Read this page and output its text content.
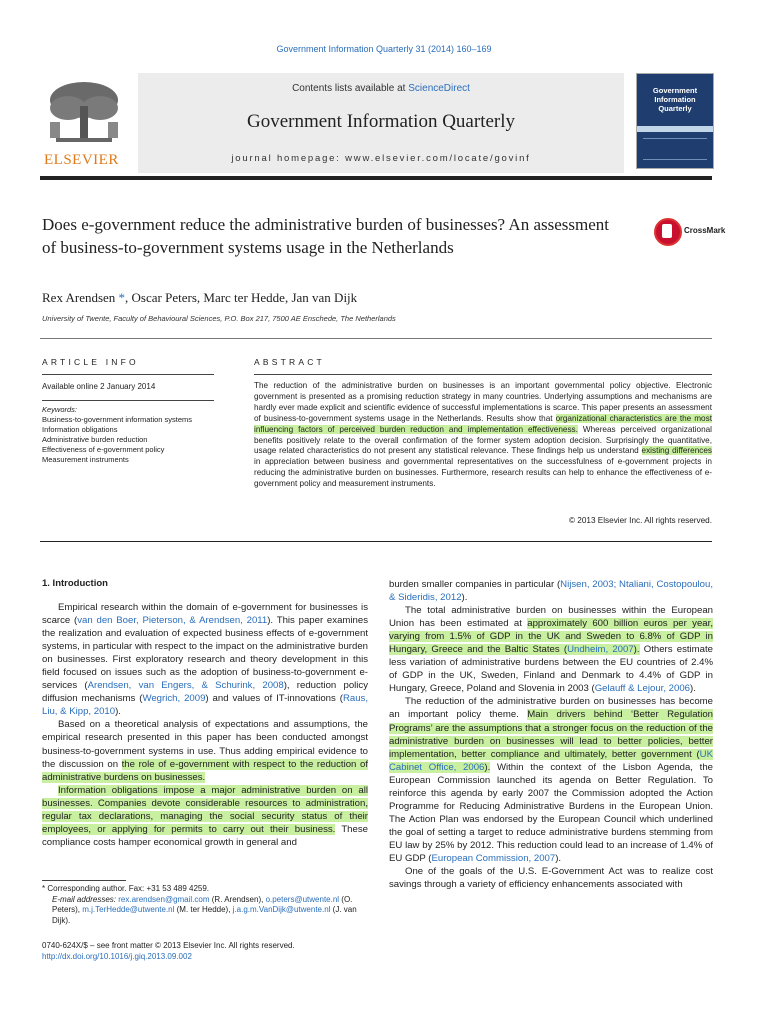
Government Information Quarterly 31 (2014) 160–169
ELSEVIER
Contents lists available at ScienceDirect
Government Information Quarterly
journal homepage: www.elsevier.com/locate/govinf
Government Information Quarterly
Does e-government reduce the administrative burden of businesses? An assessment of business-to-government systems usage in the Netherlands
CrossMark
Rex Arendsen *, Oscar Peters, Marc ter Hedde, Jan van Dijk
University of Twente, Faculty of Behavioural Sciences, P.O. Box 217, 7500 AE Enschede, The Netherlands
ARTICLE INFO	ABSTRACT
Available online 2 January 2014
Keywords:
Business-to-government information systems
Information obligations
Administrative burden reduction
Effectiveness of e-government policy
Measurement instruments
The reduction of the administrative burden on businesses is an important governmental policy objective. Electronic government is presented as a promising reduction strategy in many countries. Underlying assumptions and mechanisms are hardly ever made explicit and scientific evidence of successful implementations is scarce. This paper presents an assessment of business-to-government systems usage in the Netherlands. Results show that organizational characteristics are the most influencing factors of perceived burden reduction and implementation effectiveness. Whereas perceived organizational benefits positively relate to the overall confirmation of the former system adoption decision. Surprisingly the quantitative, usage related characteristics do not present any statistical relevance. These findings help us understand existing differences in appreciation between business and governmental representatives on the successfulness of e-government projects in reducing the administrative burden on businesses. Furthermore, research results can help to enhance the effectiveness of e-government policy and measurement instruments.
© 2013 Elsevier Inc. All rights reserved.

1. Introduction

Empirical research within the domain of e-government for businesses is scarce (van den Boer, Pieterson, & Arendsen, 2011). This paper examines the realization and evaluation of expected business effects of e-government systems, in particular with respect to the impact on the administrative burden on businesses. First exploratory research and theory development in this field focused on issues such as the adoption of business-to-government e-services (Arendsen, van Engers, & Schurink, 2008), reduction policy diffusion mechanisms (Wegrich, 2009) and values of IT-innovations (Raus, Liu, & Kipp, 2010).

Based on a theoretical analysis of expectations and assumptions, the empirical research presented in this paper has been conducted amongst business-to-government systems in use. Thus adding empirical evidence to the discussion on the role of e-government with respect to the reduction of administrative burdens on businesses.

Information obligations impose a major administrative burden on all businesses. Companies devote considerable resources to administration, regular tax declarations, managing the social security status of their employees, or applying for permits to carry out their business. These compliance costs hamper economical growth in general and

burden smaller companies in particular (Nijsen, 2003; Ntaliani, Costopoulou, & Sideridis, 2012).

The total administrative burden on businesses within the European Union has been estimated at approximately 600 billion euros per year, varying from 1.5% of GDP in the UK and Sweden to 6.8% of GDP in Hungary, Greece and the Baltic States (Undheim, 2007). Others estimate less variation of administrative burdens between the EU countries of 2.4% of GDP in the UK, Sweden, Finland and Denmark to 4.4% of GDP in Hungary, Greece, Poland and Slovenia in 2003 (Gelauff & Lejour, 2006).

The reduction of the administrative burden on businesses has become an important policy theme. Main drivers behind ‘Better Regulation Programs’ are the assumptions that a stronger focus on the reduction of the administrative burden on businesses will lead to better policies, better implementation, better compliance and ultimately, better government (UK Cabinet Office, 2006). Within the context of the Lisbon Agenda, the European Commission launched its agenda on Better Regulation. To reinforce this agenda by early 2007 the Commission adopted the Action Programme for Reducing Administrative Burdens in the European Union. The Action Plan was endorsed by the European Council which underlined the goal of setting a target to reduce administrative burdens stemming from EU law by 25% by 2012. This reduction could lead to an increase of 1.4% of EU GDP (European Commission, 2007).

One of the goals of the U.S. E-Government Act was to realize cost savings through a variety of efficiency enhancements associated with

* Corresponding author. Fax: +31 53 489 4259.
E-mail addresses: rex.arendsen@gmail.com (R. Arendsen), o.peters@utwente.nl (O. Peters), m.j.TerHedde@utwente.nl (M. ter Hedde), j.a.g.m.VanDijk@utwente.nl (J. van Dijk).
0740-624X/$ – see front matter © 2013 Elsevier Inc. All rights reserved.
http://dx.doi.org/10.1016/j.giq.2013.09.002
